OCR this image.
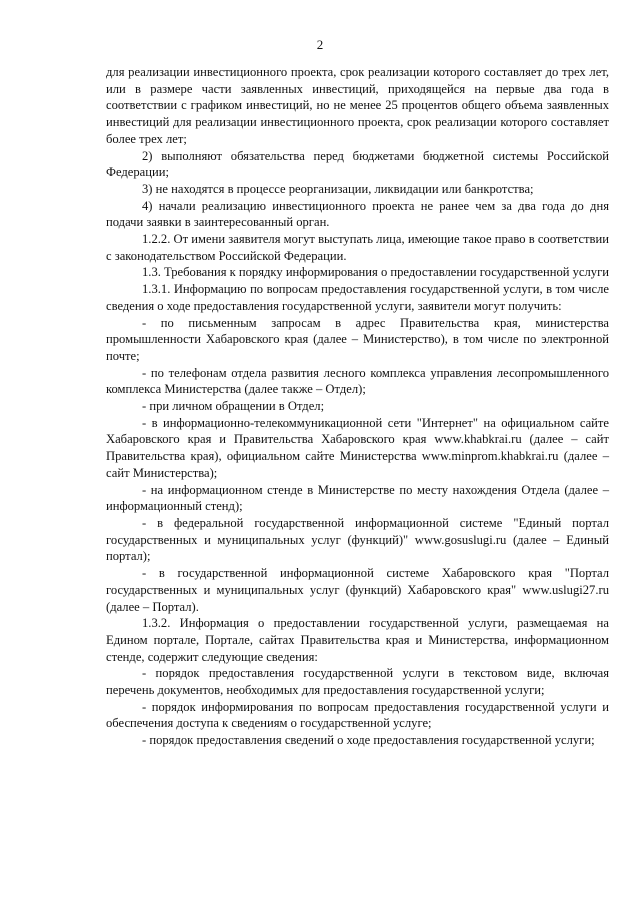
2

для реализации инвестиционного проекта, срок реализации которого составляет до трех лет, или в размере части заявленных инвестиций, приходящейся на первые два года в соответствии с графиком инвестиций, но не менее 25 процентов общего объема заявленных инвестиций для реализации инвестиционного проекта, срок реализации которого составляет более трех лет;

2) выполняют обязательства перед бюджетами бюджетной системы Российской Федерации;

3) не находятся в процессе реорганизации, ликвидации или банкротства;

4) начали реализацию инвестиционного проекта не ранее чем за два года до дня подачи заявки в заинтересованный орган.

1.2.2. От имени заявителя могут выступать лица, имеющие такое право в соответствии с законодательством Российской Федерации.

1.3. Требования к порядку информирования о предоставлении государственной услуги

1.3.1. Информацию по вопросам предоставления государственной услуги, в том числе сведения о ходе предоставления государственной услуги, заявители могут получить:

- по письменным запросам в адрес Правительства края, министерства промышленности Хабаровского края (далее – Министерство), в том числе по электронной почте;

- по телефонам отдела развития лесного комплекса управления лесопромышленного комплекса Министерства (далее также – Отдел);

- при личном обращении в Отдел;

- в информационно-телекоммуникационной сети "Интернет" на официальном сайте Хабаровского края и Правительства Хабаровского края www.khabkrai.ru (далее – сайт Правительства края), официальном сайте Министерства www.minprom.khabkrai.ru (далее – сайт Министерства);

- на информационном стенде в Министерстве по месту нахождения Отдела (далее – информационный стенд);

- в федеральной государственной информационной системе "Единый портал государственных и муниципальных услуг (функций)" www.gosuslugi.ru (далее – Единый портал);

- в государственной информационной системе Хабаровского края "Портал государственных и муниципальных услуг (функций) Хабаровского края" www.uslugi27.ru (далее – Портал).

1.3.2. Информация о предоставлении государственной услуги, размещаемая на Едином портале, Портале, сайтах Правительства края и Министерства, информационном стенде, содержит следующие сведения:

- порядок предоставления государственной услуги в текстовом виде, включая перечень документов, необходимых для предоставления государственной услуги;

- порядок информирования по вопросам предоставления государственной услуги и обеспечения доступа к сведениям о государственной услуге;

- порядок предоставления сведений о ходе предоставления государственной услуги;
